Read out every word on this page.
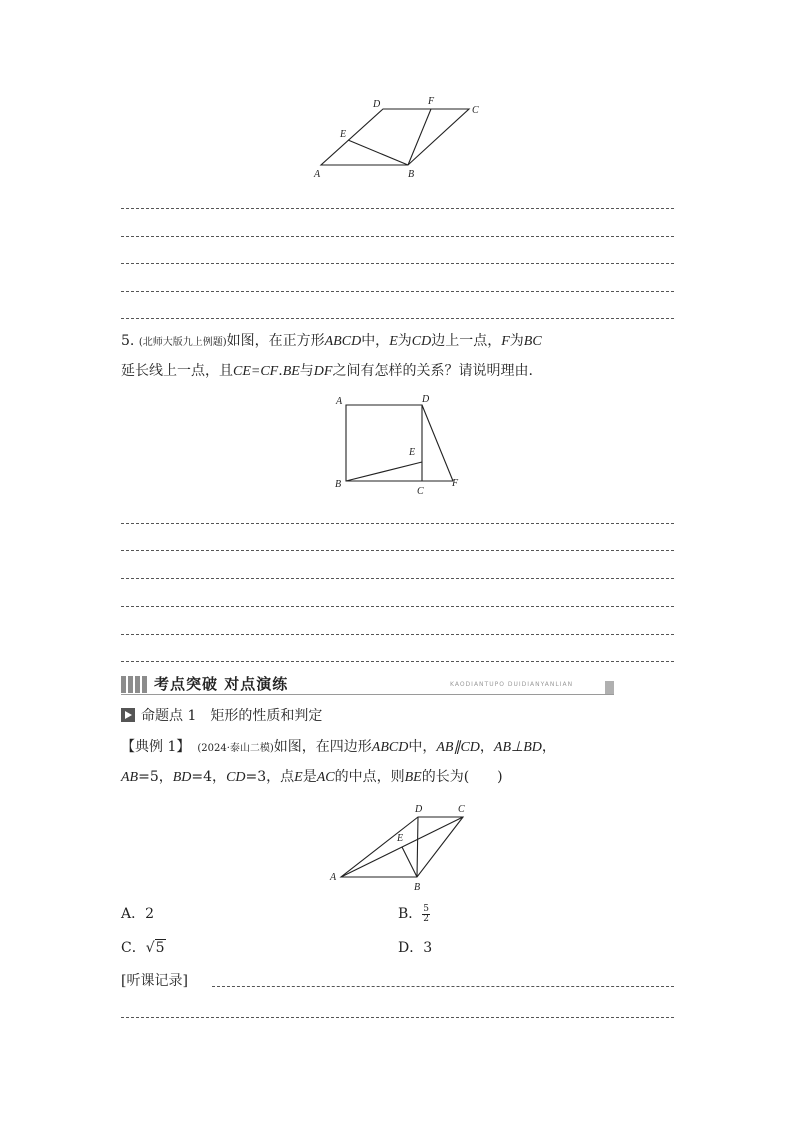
A	B
C
D
E
F
5. (北师大版九上例题)如图，在正方形ABCD中，E为CD边上一点，F为BC
延长线上一点，且CE=CF.BE与DF之间有怎样的关系？请说明理由.
A	D
E
B
C
F
考点突破 对点演练	KAODIANTUPO DUIDIANYANLIAN
命题点 1　 矩形的性质和判定
【典例 1】　 (2024·泰山二模)如图，在四边形ABCD中，AB∥CD，AB⊥BD，
AB=5，BD=4，CD=3，点E是AC的中点，则BE的长为(　　)
A
B
C
D
E
A．2	B． $\frac{5}{2}$
C．√5	D．3
[听课记录]
